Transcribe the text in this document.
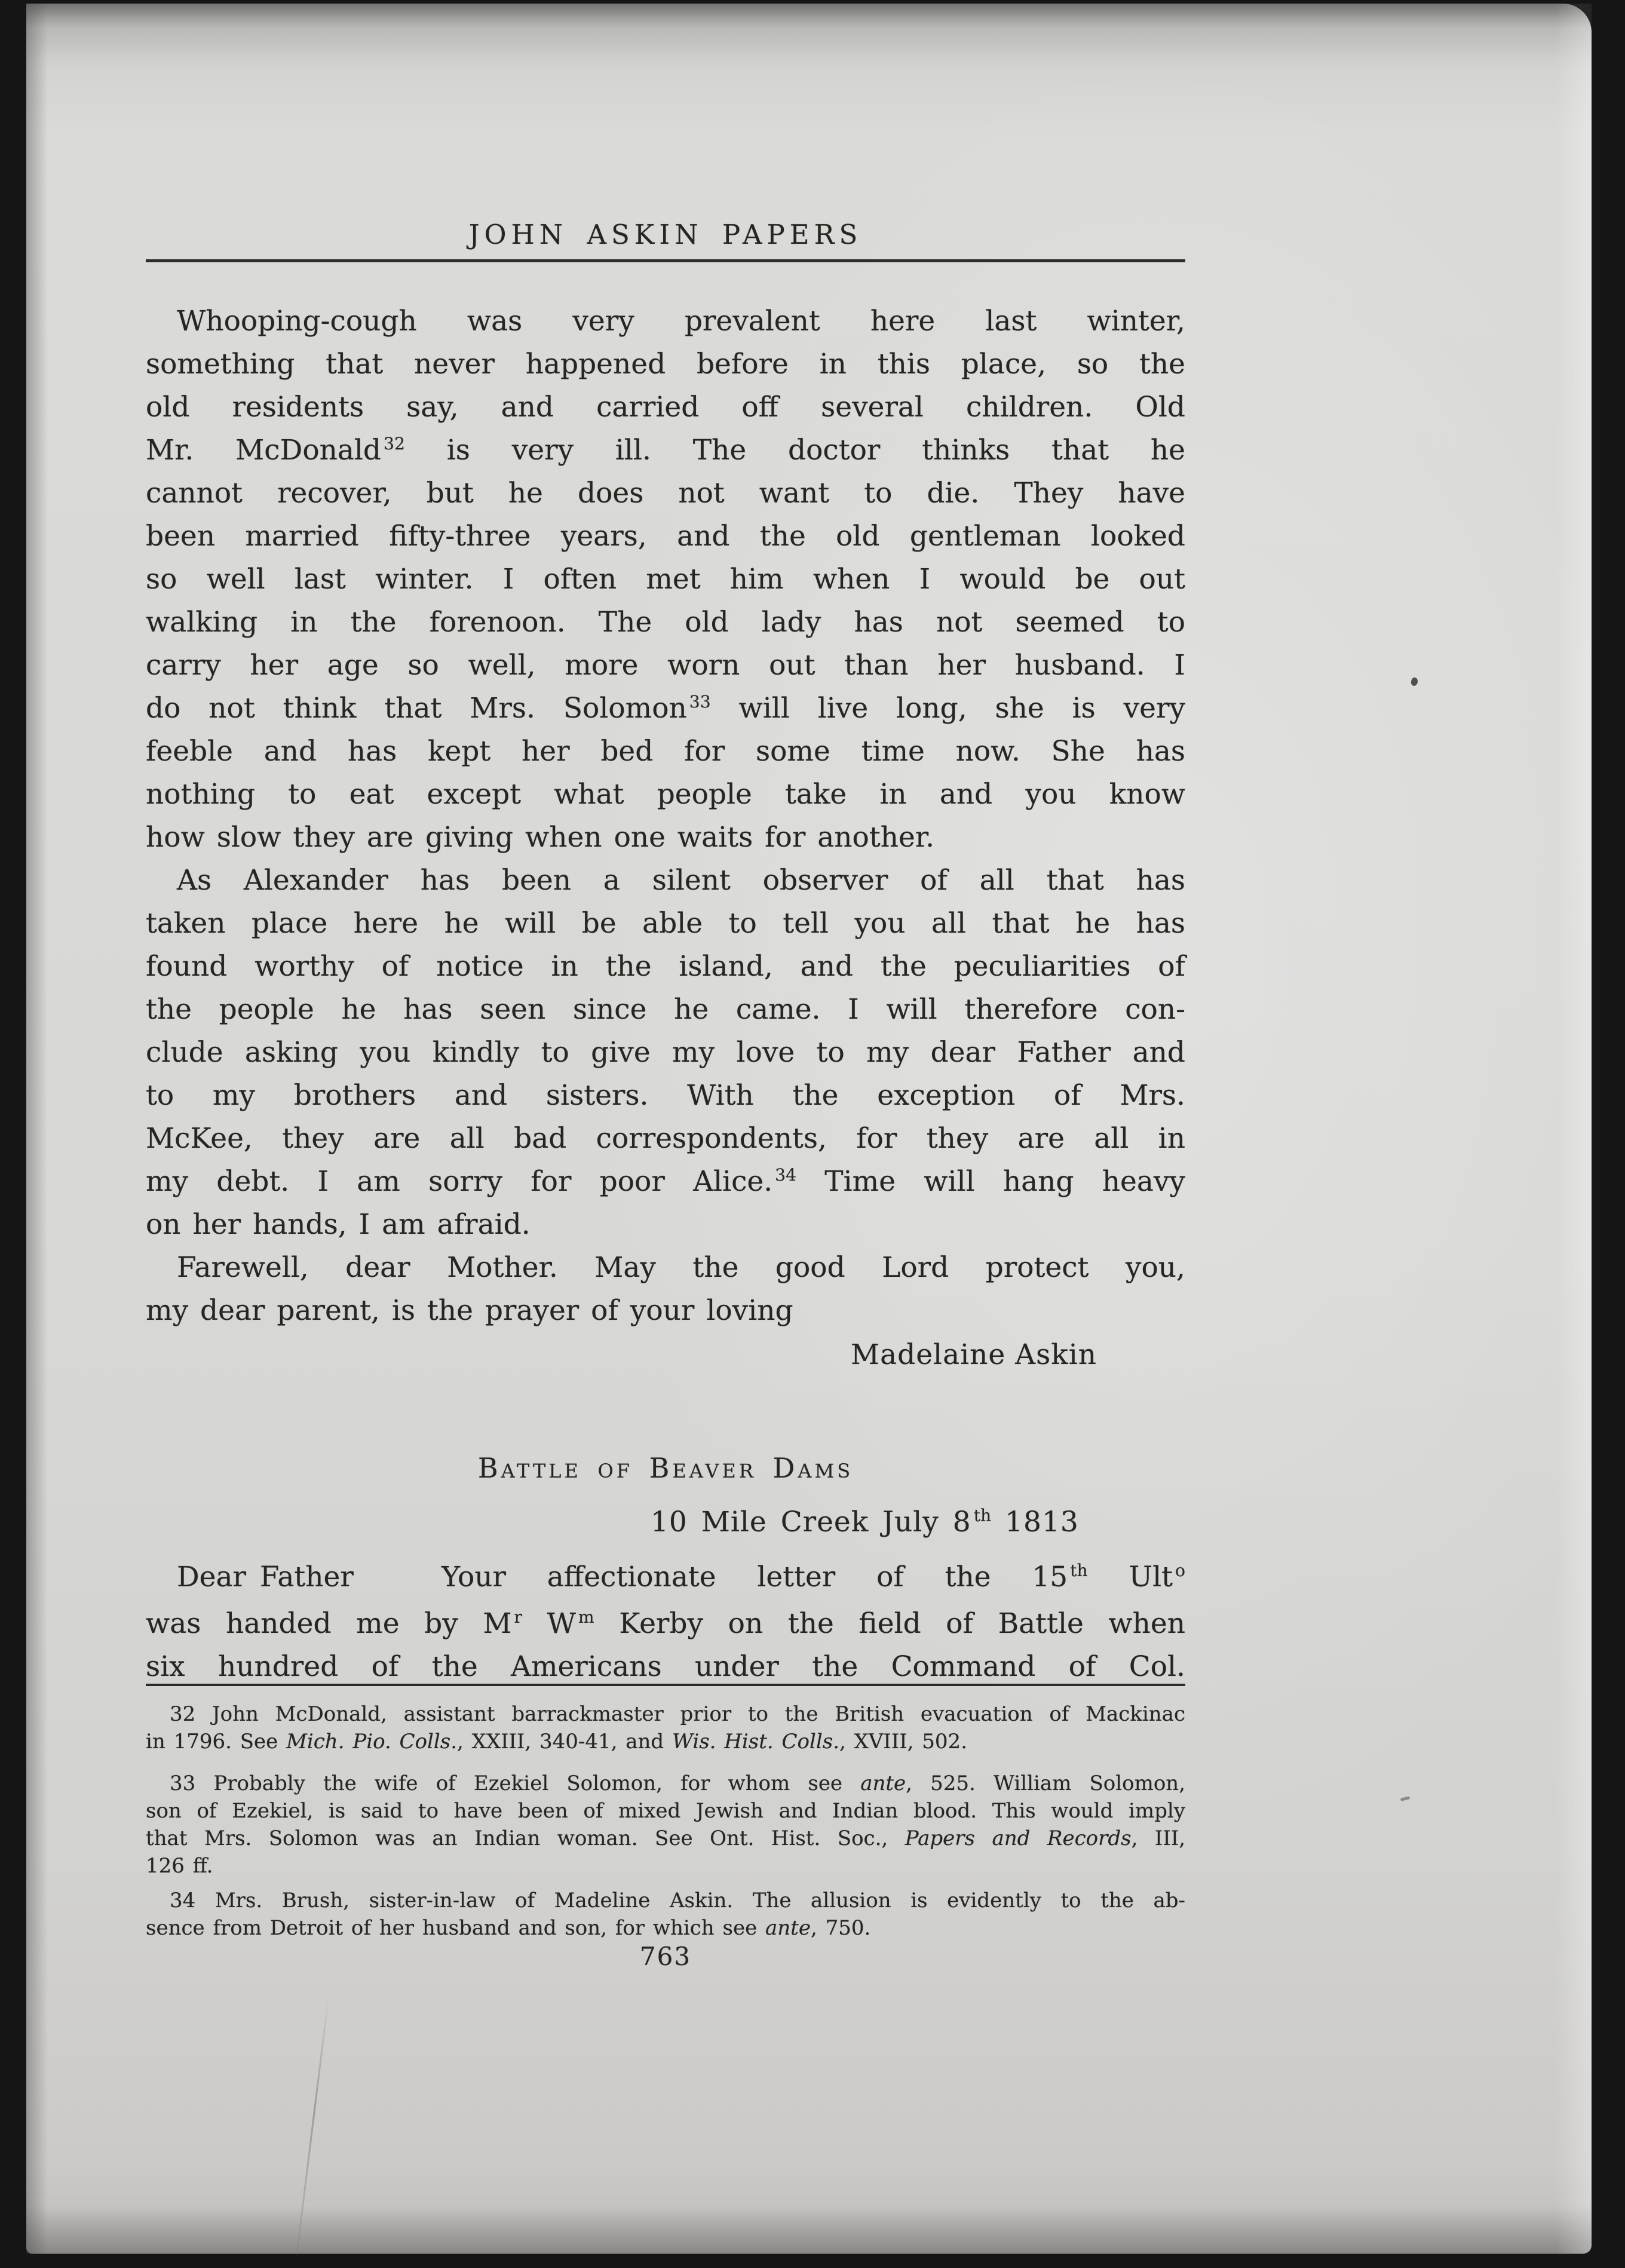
JOHN ASKIN PAPERS
Whooping-cough was very prevalent here last winter,
something that never happened before in this place, so the
old residents say, and carried off several children. Old
Mr. McDonald $^{32}$ is very ill. The doctor thinks that he
cannot recover, but he does not want to die. They have
been married fifty-three years, and the old gentleman looked
so well last winter. I often met him when I would be out
walking in the forenoon. The old lady has not seemed to
carry her age so well, more worn out than her husband. I
do not think that Mrs. Solomon $^{33}$ will live long, she is very
feeble and has kept her bed for some time now. She has
nothing to eat except what people take in and you know
how slow they are giving when one waits for another.
As Alexander has been a silent observer of all that has
taken place here he will be able to tell you all that he has
found worthy of notice in the island, and the peculiarities of
the people he has seen since he came. I will therefore con-
clude asking you kindly to give my love to my dear Father and
to my brothers and sisters. With the exception of Mrs.
McKee, they are all bad correspondents, for they are all in
my debt. I am sorry for poor Alice. $^{34}$ Time will hang heavy
on her hands, I am afraid.
Farewell, dear Mother. May the good Lord protect you,
my dear parent, is the prayer of your loving
Madelaine Askin
Battle of Beaver Dams
10 Mile Creek July 8 $^{th}$ 1813
Dear Father	Your affectionate letter of the 15 $^{th}$ Ult $^o$
was handed me by M $^r$ W $^m$ Kerby on the field of Battle when
six hundred of the Americans under the Command of Col.
32 John McDonald, assistant barrackmaster prior to the British evacuation of Mackinac
in 1796. See Mich. Pio. Colls., XXIII, 340-41, and Wis. Hist. Colls., XVIII, 502.
33 Probably the wife of Ezekiel Solomon, for whom see ante, 525. William Solomon,
son of Ezekiel, is said to have been of mixed Jewish and Indian blood. This would imply
that Mrs. Solomon was an Indian woman. See Ont. Hist. Soc., Papers and Records, III,
126 ff.
34 Mrs. Brush, sister-in-law of Madeline Askin. The allusion is evidently to the ab-
sence from Detroit of her husband and son, for which see ante, 750.
763
